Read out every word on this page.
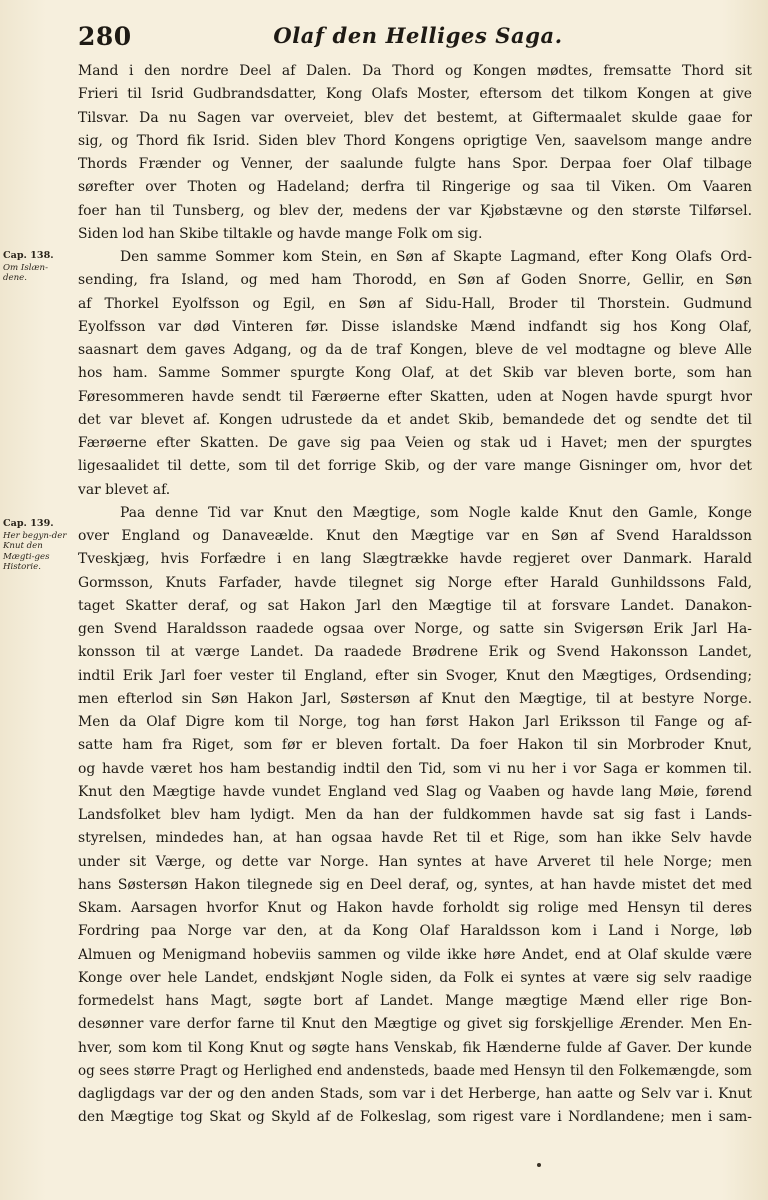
280	Olaf den Helliges Saga.
Cap. 138.
Om Islæn-dene.
Cap. 139.
Her begyn-der Knut den Mægti-ges Historie.
Mand i den nordre Deel af Dalen. Da Thord og Kongen mødtes, fremsatte Thord sit
Frieri til Isrid Gudbrandsdatter, Kong Olafs Moster, eftersom det tilkom Kongen at give
Tilsvar. Da nu Sagen var overveiet, blev det bestemt, at Giftermaalet skulde gaae for
sig, og Thord fik Isrid. Siden blev Thord Kongens oprigtige Ven, saavelsom mange andre
Thords Frænder og Venner, der saalunde fulgte hans Spor. Derpaa foer Olaf tilbage
sørefter over Thoten og Hadeland; derfra til Ringerige og saa til Viken. Om Vaaren
foer han til Tunsberg, og blev der, medens der var Kjøbstævne og den største Tilførsel.
Siden lod han Skibe tiltakle og havde mange Folk om sig.
Den samme Sommer kom Stein, en Søn af Skapte Lagmand, efter Kong Olafs Ord-
sending, fra Island, og med ham Thorodd, en Søn af Goden Snorre, Gellir, en Søn
af Thorkel Eyolfsson og Egil, en Søn af Sidu-Hall, Broder til Thorstein. Gudmund
Eyolfsson var død Vinteren før. Disse islandske Mænd indfandt sig hos Kong Olaf,
saasnart dem gaves Adgang, og da de traf Kongen, bleve de vel modtagne og bleve Alle
hos ham. Samme Sommer spurgte Kong Olaf, at det Skib var bleven borte, som han
Føresommeren havde sendt til Færøerne efter Skatten, uden at Nogen havde spurgt hvor
det var blevet af. Kongen udrustede da et andet Skib, bemandede det og sendte det til
Færøerne efter Skatten. De gave sig paa Veien og stak ud i Havet; men der spurgtes
ligesaalidet til dette, som til det forrige Skib, og der vare mange Gisninger om, hvor det
var blevet af.
Paa denne Tid var Knut den Mægtige, som Nogle kalde Knut den Gamle, Konge
over England og Danaveælde. Knut den Mægtige var en Søn af Svend Haraldsson
Tveskjæg, hvis Forfædre i en lang Slægtrække havde regjeret over Danmark. Harald
Gormsson, Knuts Farfader, havde tilegnet sig Norge efter Harald Gunhildssons Fald,
taget Skatter deraf, og sat Hakon Jarl den Mægtige til at forsvare Landet. Danakon-
gen Svend Haraldsson raadede ogsaa over Norge, og satte sin Svigersøn Erik Jarl Ha-
konsson til at værge Landet. Da raadede Brødrene Erik og Svend Hakonsson Landet,
indtil Erik Jarl foer vester til England, efter sin Svoger, Knut den Mægtiges, Ordsending;
men efterlod sin Søn Hakon Jarl, Søstersøn af Knut den Mægtige, til at bestyre Norge.
Men da Olaf Digre kom til Norge, tog han først Hakon Jarl Eriksson til Fange og af-
satte ham fra Riget, som før er bleven fortalt. Da foer Hakon til sin Morbroder Knut,
og havde været hos ham bestandig indtil den Tid, som vi nu her i vor Saga er kommen til.
Knut den Mægtige havde vundet England ved Slag og Vaaben og havde lang Møie, førend
Landsfolket blev ham lydigt. Men da han der fuldkommen havde sat sig fast i Lands-
styrelsen, mindedes han, at han ogsaa havde Ret til et Rige, som han ikke Selv havde
under sit Værge, og dette var Norge. Han syntes at have Arveret til hele Norge; men
hans Søstersøn Hakon tilegnede sig en Deel deraf, og, syntes, at han havde mistet det med
Skam. Aarsagen hvorfor Knut og Hakon havde forholdt sig rolige med Hensyn til deres
Fordring paa Norge var den, at da Kong Olaf Haraldsson kom i Land i Norge, løb
Almuen og Menigmand hobeviis sammen og vilde ikke høre Andet, end at Olaf skulde være
Konge over hele Landet, endskjønt Nogle siden, da Folk ei syntes at være sig selv raadige
formedelst hans Magt, søgte bort af Landet. Mange mægtige Mænd eller rige Bon-
desønner vare derfor farne til Knut den Mægtige og givet sig forskjellige Ærender. Men En-
hver, som kom til Kong Knut og søgte hans Venskab, fik Hænderne fulde af Gaver. Der kunde
og sees større Pragt og Herlighed end andensteds, baade med Hensyn til den Folkemængde, som
dagligdags var der og den anden Stads, som var i det Herberge, han aatte og Selv var i. Knut
den Mægtige tog Skat og Skyld af de Folkeslag, som rigest vare i Nordlandene; men i sam-
